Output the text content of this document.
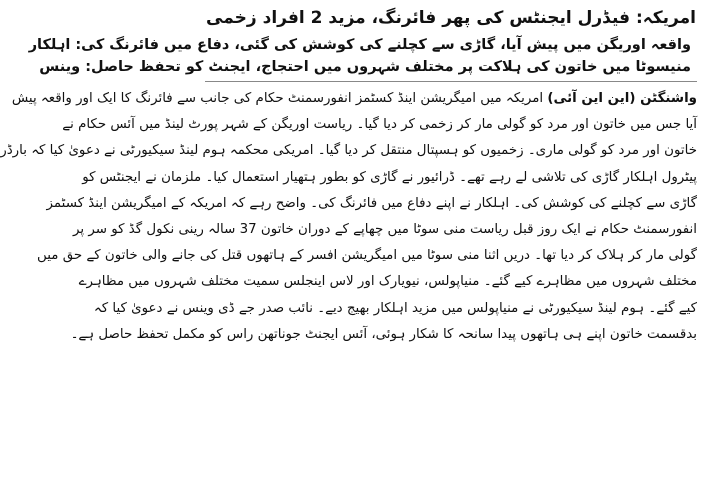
امریکہ: فیڈرل ایجنٹس کی پھر فائرنگ، مزید 2 افراد زخمی
واقعہ اوریگن میں پیش آیا، گاڑی سے کچلنے کی کوشش کی گئی، دفاع میں فائرنگ کی: اہلکار
منیسوٹا میں خاتون کی ہلاکت پر مختلف شہروں میں احتجاج، ایجنٹ کو تحفظ حاصل: وینس
واشنگٹن (این این آئی) امریکہ میں امیگریشن اینڈ کسٹمز انفورسمنٹ حکام کی جانب سے فائرنگ کا ایک اور واقعہ پیش
آیا جس میں خاتون اور مرد کو گولی مار کر زخمی کر دیا گیا۔ ریاست اوریگن کے شہر پورٹ لینڈ میں آئس حکام نے
خاتون اور مرد کو گولی ماری۔ زخمیوں کو ہسپتال منتقل کر دیا گیا۔ امریکی محکمہ ہوم لینڈ سیکیورٹی نے دعویٰ کیا کہ بارڈر
پیٹرول اہلکار گاڑی کی تلاشی لے رہے تھے۔ ڈرائیور نے گاڑی کو بطور ہتھیار استعمال کیا۔ ملزمان نے ایجنٹس کو
گاڑی سے کچلنے کی کوشش کی۔ اہلکار نے اپنے دفاع میں فائرنگ کی۔ واضح رہے کہ امریکہ کے امیگریشن اینڈ کسٹمز
انفورسمنٹ حکام نے ایک روز قبل ریاست منی سوٹا میں چھاپے کے دوران خاتون 37 سالہ رینی نکول گڈ کو سر پر
گولی مار کر ہلاک کر دیا تھا۔ دریں اثنا منی سوٹا میں امیگریشن افسر کے ہاتھوں قتل کی جانے والی خاتون کے حق میں
مختلف شہروں میں مظاہرے کیے گئے۔ منیاپولس، نیویارک اور لاس اینجلس سمیت مختلف شہروں میں مظاہرے
کیے گئے۔ ہوم لینڈ سیکیورٹی نے منیاپولس میں مزید اہلکار بھیج دیے۔ نائب صدر جے ڈی وینس نے دعویٰ کیا کہ
بدقسمت خاتون اپنے ہی ہاتھوں پیدا سانحہ کا شکار ہوئی، آئس ایجنٹ جوناتھن راس کو مکمل تحفظ حاصل ہے۔
